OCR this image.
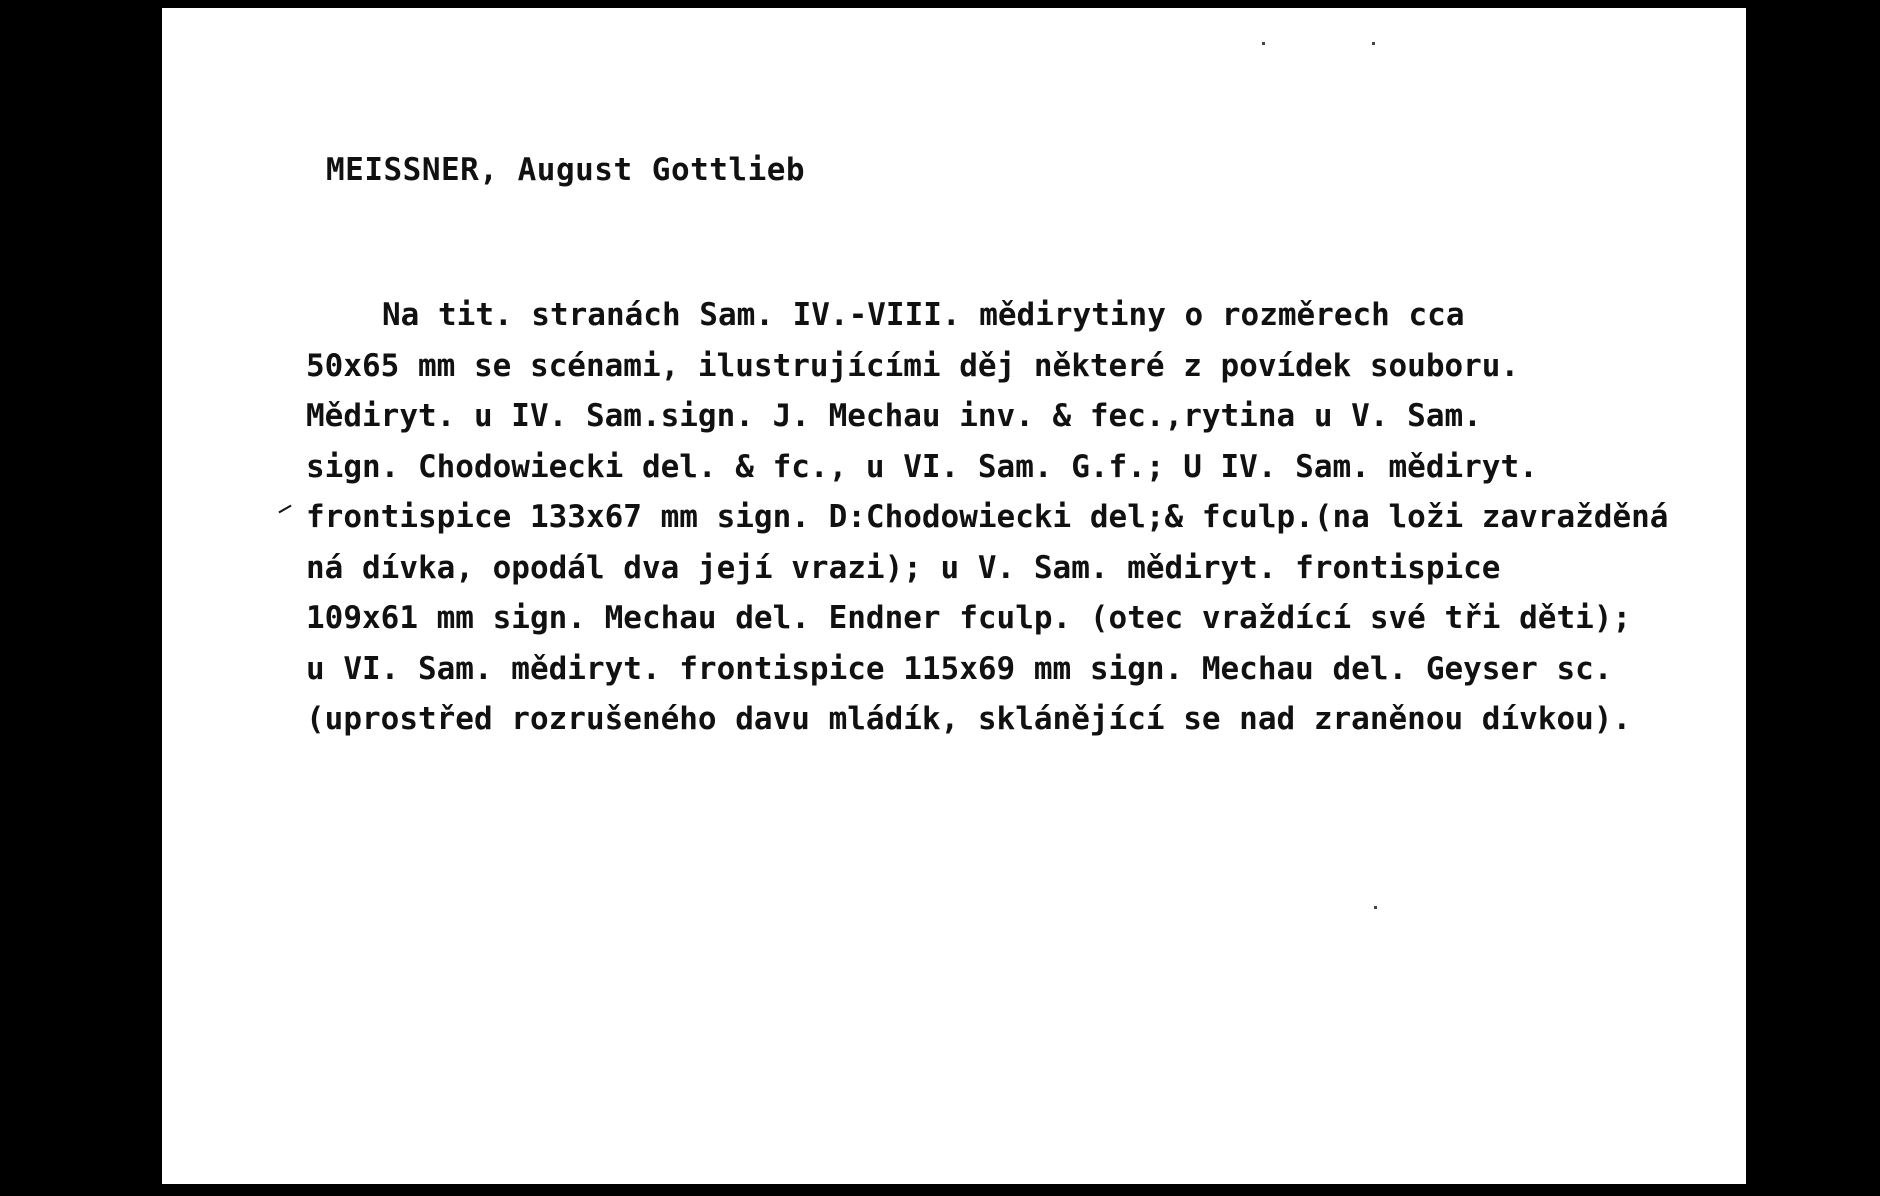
MEISSNER, August Gottlieb
Na tit. stranách Sam. IV.-VIII. mědirytiny o rozměrech cca
50x65 mm se scénami, ilustrujícími děj některé z povídek souboru.
Mědiryt. u IV. Sam.sign. J. Mechau inv. & fec.,rytina u V. Sam.
sign. Chodowiecki del. & fc., u VI. Sam. G.f.; U IV. Sam. mědiryt.
frontispice 133x67 mm sign. D:Chodowiecki del;& fculp.(na loži zavražděná
ná dívka, opodál dva její vrazi); u V. Sam. mědiryt. frontispice
109x61 mm sign. Mechau del. Endner fculp. (otec vraždící své tři děti);
u VI. Sam. mědiryt. frontispice 115x69 mm sign. Mechau del. Geyser sc.
(uprostřed rozrušeného davu mládík, sklánějící se nad zraněnou dívkou).
